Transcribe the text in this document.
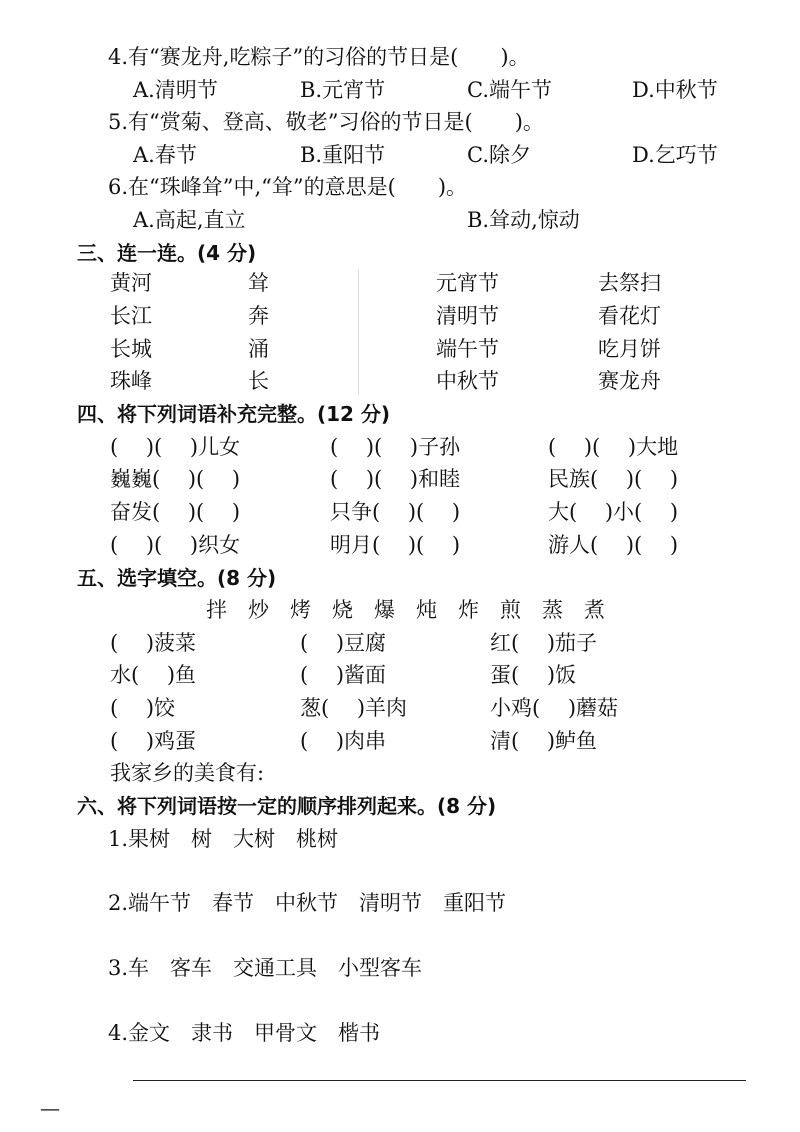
4.有“赛龙舟,吃粽子”的习俗的节日是(　　)。
A.清明节	B.元宵节	C.端午节	D.中秋节
5.有“赏菊、登高、敬老”习俗的节日是(　　)。
A.春节	B.重阳节	C.除夕	D.乞巧节
6.在“珠峰耸”中,“耸”的意思是(　　)。
A.高起,直立	B.耸动,惊动
三、连一连。(4 分)
黄河	耸	元宵节	去祭扫
长江	奔	清明节	看花灯
长城	涌	端午节	吃月饼
珠峰	长	中秋节	赛龙舟
四、将下列词语补充完整。(12 分)
(　 )(　 )儿女	(　 )(　 )子孙	(　 )(　 )大地
巍巍(　 )(　 )	(　 )(　 )和睦	民族(　 )(　 )
奋发(　 )(　 )	只争(　 )(　 )	大(　 )小(　 )
(　 )(　 )织女	明月(　 )(　 )	游人(　 )(　 )
五、选字填空。(8 分)
拌　炒　烤　烧　爆　炖　炸　煎　蒸　煮
(　 )菠菜	(　 )豆腐	红(　 )茄子
水(　 )鱼	(　 )酱面	蛋(　 )饭
(　 )饺	葱(　 )羊肉	小鸡(　 )蘑菇
(　 )鸡蛋	(　 )肉串	清(　 )鲈鱼
我家乡的美食有:
六、将下列词语按一定的顺序排列起来。(8 分)
1.果树　树　大树　桃树
2.端午节　春节　中秋节　清明节　重阳节
3.车　客车　交通工具　小型客车
4.金文　隶书　甲骨文　楷书
—
